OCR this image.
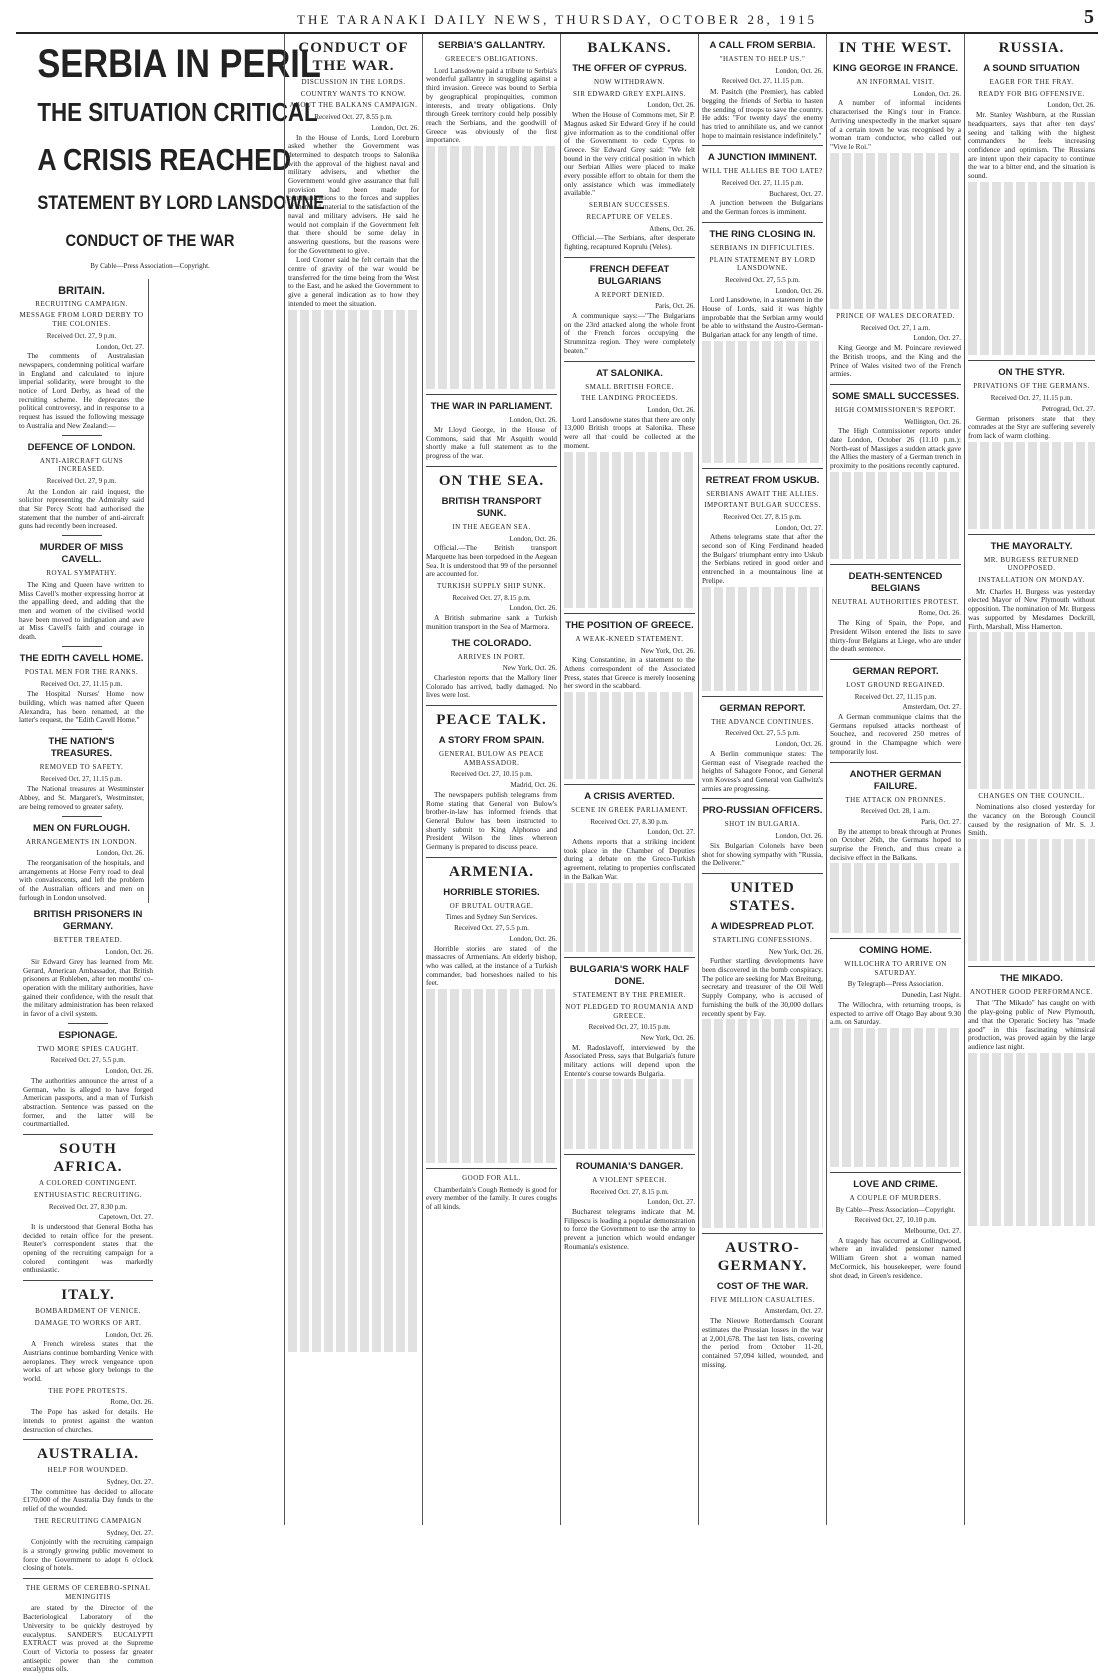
THE TARANAKI DAILY NEWS, THURSDAY, OCTOBER 28, 1915	5
SERBIA IN PERIL
THE SITUATION CRITICAL
A CRISIS REACHED
STATEMENT BY LORD LANSDOWNE
CONDUCT OF THE WAR
By Cable—Press Association—Copyright.
BRITAIN.
RECRUITING CAMPAIGN.
MESSAGE FROM LORD DERBY TO THE COLONIES.
Received Oct. 27, 9 p.m.
London, Oct. 27.

The comments of Australasian newspapers, condemning political warfare in England and calculated to injure imperial solidarity, were brought to the notice of Lord Derby, as head of the recruiting scheme. He deprecates the political controversy, and in response to a request has issued the following message to Australia and New Zealand:—

DEFENCE OF LONDON.
ANTI-AIRCRAFT GUNS INCREASED.
Received Oct. 27, 9 p.m.

At the London air raid inquest, the solicitor representing the Admiralty said that Sir Percy Scott had authorised the statement that the number of anti-aircraft guns had recently been increased.

MURDER OF MISS CAVELL.
ROYAL SYMPATHY.

The King and Queen have written to Miss Cavell's mother expressing horror at the appalling deed, and adding that the men and women of the civilised world have been moved to indignation and awe at Miss Cavell's faith and courage in death.

THE EDITH CAVELL HOME.
POSTAL MEN FOR THE RANKS.
Received Oct. 27, 11.15 p.m.

The Hospital Nurses' Home now building, which was named after Queen Alexandra, has been renamed, at the latter's request, the "Edith Cavell Home."

THE NATION'S TREASURES.
REMOVED TO SAFETY.
Received Oct. 27, 11.15 p.m.

The National treasures at Westminster Abbey, and St. Margaret's, Westminster, are being removed to greater safety.

MEN ON FURLOUGH.
ARRANGEMENTS IN LONDON.
London, Oct. 26.

The reorganisation of the hospitals, and arrangements at Horse Ferry road to deal with convalescents, and left the problem of the Australian officers and men on furlough in London unsolved.

BRITISH PRISONERS IN GERMANY.
BETTER TREATED.
London, Oct. 26.

Sir Edward Grey has learned from Mr. Gerard, American Ambassador, that British prisoners at Ruhleben, after ten months' co-operation with the military authorities, have gained their confidence, with the result that the military administration has been relaxed in favor of a civil system.

ESPIONAGE.
TWO MORE SPIES CAUGHT.
Received Oct. 27, 5.5 p.m.
London, Oct. 26.

The authorities announce the arrest of a German, who is alleged to have forged American passports, and a man of Turkish abstraction. Sentence was passed on the former, and the latter will be courtmartialled.

SOUTH AFRICA.
A COLORED CONTINGENT.
ENTHUSIASTIC RECRUITING.
Received Oct. 27, 8.30 p.m.
Capetown, Oct. 27.

It is understood that General Botha has decided to retain office for the present. Reuter's correspondent states that the opening of the recruiting campaign for a colored contingent was markedly enthusiastic.

ITALY.
BOMBARDMENT OF VENICE.
DAMAGE TO WORKS OF ART.
London, Oct. 26.

A French wireless states that the Austrians continue bombarding Venice with aeroplanes. They wreck vengeance upon works of art whose glory belongs to the world.

THE POPE PROTESTS.
Rome, Oct. 26.

The Pope has asked for details. He intends to protest against the wanton destruction of churches.

AUSTRALIA.
HELP FOR WOUNDED.
Sydney, Oct. 27.

The committee has decided to allocate £170,000 of the Australia Day funds to the relief of the wounded.

THE RECRUITING CAMPAIGN
Sydney, Oct. 27.

Conjointly with the recruiting campaign is a strongly growing public movement to force the Government to adopt 6 o'clock closing of hotels.

THE GERMS OF CEREBRO-SPINAL MENINGITIS

are stated by the Director of the Bacteriological Laboratory of the University to be quickly destroyed by eucalyptus. SANDER'S EUCALYPTI EXTRACT was proved at the Supreme Court of Victoria to possess far greater antiseptic power than the common eucalyptus oils.

CONDUCT OF THE WAR.
DISCUSSION IN THE LORDS.
COUNTRY WANTS TO KNOW.
ABOUT THE BALKANS CAMPAIGN.
Received Oct. 27, 8.55 p.m.
London, Oct. 26.

In the House of Lords, Lord Loreburn asked whether the Government was determined to despatch troops to Salonika with the approval of the highest naval and military advisers, and whether the Government would give assurance that full provision had been made for communications to the forces and supplies of men and material to the satisfaction of the naval and military advisers. He said he would not complain if the Government felt that there should be some delay in answering questions, but the reasons were for the Government to give.

Lord Cromer said he felt certain that the centre of gravity of the war would be transferred for the time being from the West to the East, and he asked the Government to give a general indication as to how they intended to meet the situation.

SERBIA'S GALLANTRY.
GREECE'S OBLIGATIONS.

Lord Lansdowne paid a tribute to Serbia's wonderful gallantry in struggling against a third invasion. Greece was bound to Serbia by geographical propinquities, common interests, and treaty obligations. Only through Greek territory could help possibly reach the Serbians, and the goodwill of Greece was obviously of the first importance.

THE WAR IN PARLIAMENT.
London, Oct. 26.

Mr Lloyd George, in the House of Commons, said that Mr Asquith would shortly make a full statement as to the progress of the war.

ON THE SEA.
BRITISH TRANSPORT SUNK.
IN THE AEGEAN SEA.
London, Oct. 26.

Official.—The British transport Marquette has been torpedoed in the Aegean Sea. It is understood that 99 of the personnel are accounted for.

TURKISH SUPPLY SHIP SUNK.
Received Oct. 27, 8.15 p.m.
London, Oct. 26.

A British submarine sank a Turkish munition transport in the Sea of Marmora.

THE COLORADO.
ARRIVES IN PORT.
New York, Oct. 26.

Charleston reports that the Mallory liner Colorado has arrived, badly damaged. No lives were lost.

PEACE TALK.
A STORY FROM SPAIN.
GENERAL BULOW AS PEACE AMBASSADOR.
Received Oct. 27, 10.15 p.m.
Madrid, Oct. 26.

The newspapers publish telegrams from Rome stating that General von Bulow's brother-in-law has informed friends that General Bulow has been instructed to shortly submit to King Alphonso and President Wilson the lines whereon Germany is prepared to discuss peace.

ARMENIA.
HORRIBLE STORIES.
OF BRUTAL OUTRAGE.
Times and Sydney Sun Services.
Received Oct. 27, 5.5 p.m.
London, Oct. 26.

Horrible stories are stated of the massacres of Armenians. An elderly bishop, who was called, at the instance of a Turkish commander, bad horseshoes nailed to his feet.

GOOD FOR ALL.

Chamberlain's Cough Remedy is good for every member of the family. It cures coughs of all kinds.

BALKANS.
THE OFFER OF CYPRUS.
NOW WITHDRAWN.
SIR EDWARD GREY EXPLAINS.
London, Oct. 26.

When the House of Commons met, Sir P. Magnus asked Sir Edward Grey if he could give information as to the conditional offer of the Government to cede Cyprus to Greece. Sir Edward Grey said: "We felt bound in the very critical position in which our Serbian Allies were placed to make every possible effort to obtain for them the only assistance which was immediately available."

SERBIAN SUCCESSES.
RECAPTURE OF VELES.
Athens, Oct. 26.

Official.—The Serbians, after desperate fighting, recaptured Koprulu (Veles).

FRENCH DEFEAT BULGARIANS
A REPORT DENIED.
Paris, Oct. 26.

A communique says:—"The Bulgarians on the 23rd attacked along the whole front of the French forces occupying the Strumnitza region. They were completely beaten."

AT SALONIKA.
SMALL BRITISH FORCE.
THE LANDING PROCEEDS.
London, Oct. 26.

Lord Lansdowne states that there are only 13,000 British troops at Salonika. These were all that could be collected at the moment.

THE POSITION OF GREECE.
A WEAK-KNEED STATEMENT.
New York, Oct. 26.

King Constantine, in a statement to the Athens correspondent of the Associated Press, states that Greece is merely loosening her sword in the scabbard.

A CRISIS AVERTED.
SCENE IN GREEK PARLIAMENT.
Received Oct. 27, 8.30 p.m.
London, Oct. 27.

Athens reports that a striking incident took place in the Chamber of Deputies during a debate on the Greco-Turkish agreement, relating to properties confiscated in the Balkan War.

BULGARIA'S WORK HALF DONE.
STATEMENT BY THE PREMIER.
NOT PLEDGED TO ROUMANIA AND GREECE.
Received Oct. 27, 10.15 p.m.
New York, Oct. 26.

M. Radoslavoff, interviewed by the Associated Press, says that Bulgaria's future military actions will depend upon the Entente's course towards Bulgaria.

ROUMANIA'S DANGER.
A VIOLENT SPEECH.
Received Oct. 27, 8.15 p.m.
London, Oct. 27.

Bucharest telegrams indicate that M. Filipescu is leading a popular demonstration to force the Government to use the army to prevent a junction which would endanger Roumania's existence.

A CALL FROM SERBIA.
"HASTEN TO HELP US."
London, Oct. 26.
Received Oct. 27, 11.15 p.m.

M. Pasitch (the Premier), has cabled begging the friends of Serbia to hasten the sending of troops to save the country. He adds: "For twenty days' the enemy has tried to annihilate us, and we cannot hope to maintain resistance indefinitely."

A JUNCTION IMMINENT.
WILL THE ALLIES BE TOO LATE?
Received Oct. 27, 11.15 p.m.
Bucharest, Oct. 27.

A junction between the Bulgarians and the German forces is imminent.

THE RING CLOSING IN.
SERBIANS IN DIFFICULTIES.
PLAIN STATEMENT BY LORD LANSDOWNE.
Received Oct. 27, 5.5 p.m.
London, Oct. 26.

Lord Lansdowne, in a statement in the House of Lords, said it was highly improbable that the Serbian army would be able to withstand the Austro-German-Bulgarian attack for any length of time.

RETREAT FROM USKUB.
SERBIANS AWAIT THE ALLIES.
IMPORTANT BULGAR SUCCESS.
Received Oct. 27, 8.15 p.m.
London, Oct. 27.

Athens telegrams state that after the second son of King Ferdinand headed the Bulgars' triumphant entry into Uskub the Serbians retired in good order and entrenched in a mountainous line at Prelipe.

GERMAN REPORT.
THE ADVANCE CONTINUES.
Received Oct. 27, 5.5 p.m.
London, Oct. 26.

A Berlin communique states: The German east of Visegrade reached the heights of Sahagore Fonoc, and General von Kovess's and General von Gallwitz's armies are progressing.

PRO-RUSSIAN OFFICERS.
SHOT IN BULGARIA.
London, Oct. 26.

Six Bulgarian Colonels have been shot for showing sympathy with "Russia, the Deliverer."

UNITED STATES.
A WIDESPREAD PLOT.
STARTLING CONFESSIONS.
New York, Oct. 26.

Further startling developments have been discovered in the bomb conspiracy. The police are seeking for Max Breitung, secretary and treasurer of the Oil Well Supply Company, who is accused of furnishing the bulk of the 30,000 dollars recently spent by Fay.

AUSTRO-GERMANY.
COST OF THE WAR.
FIVE MILLION CASUALTIES.
Amsterdam, Oct. 27.

The Nieuwe Rotterdamsch Courant estimates the Prussian losses in the war at 2,001,678. The last ten lists, covering the period from October 11-20, contained 57,094 killed, wounded, and missing.

IN THE WEST.
KING GEORGE IN FRANCE.
AN INFORMAL VISIT.
London, Oct. 26.

A number of informal incidents characterised the King's tour in France. Arriving unexpectedly in the market square of a certain town he was recognised by a woman tram conductor, who called out "Vive le Roi."

PRINCE OF WALES DECORATED.
Received Oct. 27, 1 a.m.
London, Oct. 27.

King George and M. Poincare reviewed the British troops, and the King and the Prince of Wales visited two of the French armies.

SOME SMALL SUCCESSES.
HIGH COMMISSIONER'S REPORT.
Wellington, Oct. 26.

The High Commissioner reports under date London, October 26 (11.10 p.m.): North-east of Massiges a sudden attack gave the Allies the mastery of a German trench in proximity to the positions recently captured.

DEATH-SENTENCED BELGIANS
NEUTRAL AUTHORITIES PROTEST.
Rome, Oct. 26.

The King of Spain, the Pope, and President Wilson entered the lists to save thirty-four Belgians at Liege, who are under the death sentence.

GERMAN REPORT.
LOST GROUND REGAINED.
Received Oct. 27, 11.15 p.m.
Amsterdam, Oct. 27.

A German communique claims that the Germans repulsed attacks northeast of Souchez, and recovered 250 metres of ground in the Champagne which were temporarily lost.

ANOTHER GERMAN FAILURE.
THE ATTACK ON PRONNES.
Received Oct. 28, 1 a.m.
Paris, Oct. 27.

By the attempt to break through at Prones on October 26th, the Germans hoped to surprise the French, and thus create a decisive effect in the Balkans.

COMING HOME.
WILLOCHRA TO ARRIVE ON SATURDAY.
By Telegraph—Press Association.
Dunedin, Last Night.

The Willochra, with returning troops, is expected to arrive off Otago Bay about 9.30 a.m. on Saturday.

LOVE AND CRIME.
A COUPLE OF MURDERS.
By Cable—Press Association—Copyright.
Received Oct. 27, 10.10 p.m.
Melbourne, Oct. 27.

A tragedy has occurred at Collingwood, where an invalided pensioner named William Green shot a woman named McCormick, his housekeeper, were found shot dead, in Green's residence.

RUSSIA.
A SOUND SITUATION
EAGER FOR THE FRAY.
READY FOR BIG OFFENSIVE.
London, Oct. 26.

Mr. Stanley Washburn, at the Russian headquarters, says that after ten days' seeing and talking with the highest commanders he feels increasing confidence and optimism. The Russians are intent upon their capacity to continue the war to a bitter end, and the situation is sound.

ON THE STYR.
PRIVATIONS OF THE GERMANS.
Received Oct. 27, 11.15 p.m.
Petrograd, Oct. 27.

German prisoners state that they comrades at the Styr are suffering severely from lack of warm clothing.

THE MAYORALTY.
MR. BURGESS RETURNED UNOPPOSED.
INSTALLATION ON MONDAY.

Mr. Charles H. Burgess was yesterday elected Mayor of New Plymouth without opposition. The nomination of Mr. Burgess was supported by Mesdames Dockrill, Firth, Marshall, Miss Hamerton.

CHANGES ON THE COUNCIL.

Nominations also closed yesterday for the vacancy on the Borough Council caused by the resignation of Mr. S. J. Smith.

THE MIKADO.
ANOTHER GOOD PERFORMANCE.

That "The Mikado" has caught on with the play-going public of New Plymouth, and that the Operatic Society has "made good" in this fascinating whimsical production, was proved again by the large audience last night.
